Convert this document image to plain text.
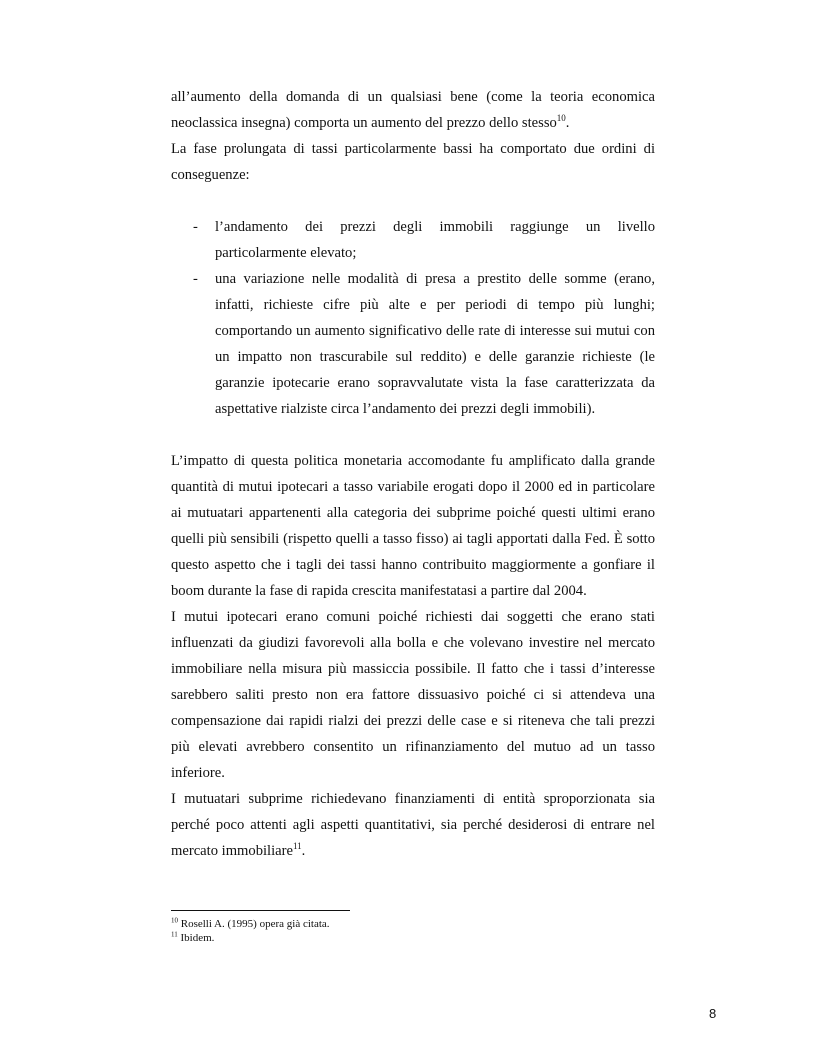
all’aumento della domanda di un qualsiasi bene (come la teoria economica neoclassica insegna) comporta un aumento del prezzo dello stesso$^{10}$.

La fase prolungata di tassi particolarmente bassi ha comportato due ordini di conseguenze:

- l’andamento dei prezzi degli immobili raggiunge un livello particolarmente elevato;
- una variazione nelle modalità di presa a prestito delle somme (erano, infatti, richieste cifre più alte e per periodi di tempo più lunghi; comportando un aumento significativo delle rate di interesse sui mutui con un impatto non trascurabile sul reddito) e delle garanzie richieste (le garanzie ipotecarie erano sopravvalutate vista la fase caratterizzata da aspettative rialziste circa l’andamento dei prezzi degli immobili).

L’impatto di questa politica monetaria accomodante fu amplificato dalla grande quantità di mutui ipotecari a tasso variabile erogati dopo il 2000 ed in particolare ai mutuatari appartenenti alla categoria dei subprime poiché questi ultimi erano quelli più sensibili (rispetto quelli a tasso fisso) ai tagli apportati dalla Fed. È sotto questo aspetto che i tagli dei tassi hanno contribuito maggiormente a gonfiare il boom durante la fase di rapida crescita manifestatasi a partire dal 2004.

I mutui ipotecari erano comuni poiché richiesti dai soggetti che erano stati influenzati da giudizi favorevoli alla bolla e che volevano investire nel mercato immobiliare nella misura più massiccia possibile. Il fatto che i tassi d’interesse sarebbero saliti presto non era fattore dissuasivo poiché ci si attendeva una compensazione dai rapidi rialzi dei prezzi delle case e si riteneva che tali prezzi più elevati avrebbero consentito un rifinanziamento del mutuo ad un tasso inferiore.

I mutuatari subprime richiedevano finanziamenti di entità sproporzionata sia perché poco attenti agli aspetti quantitativi, sia perché desiderosi di entrare nel mercato immobiliare$^{11}$.

$^{10}$ Roselli A. (1995) opera già citata.

$^{11}$ Ibidem.

8
